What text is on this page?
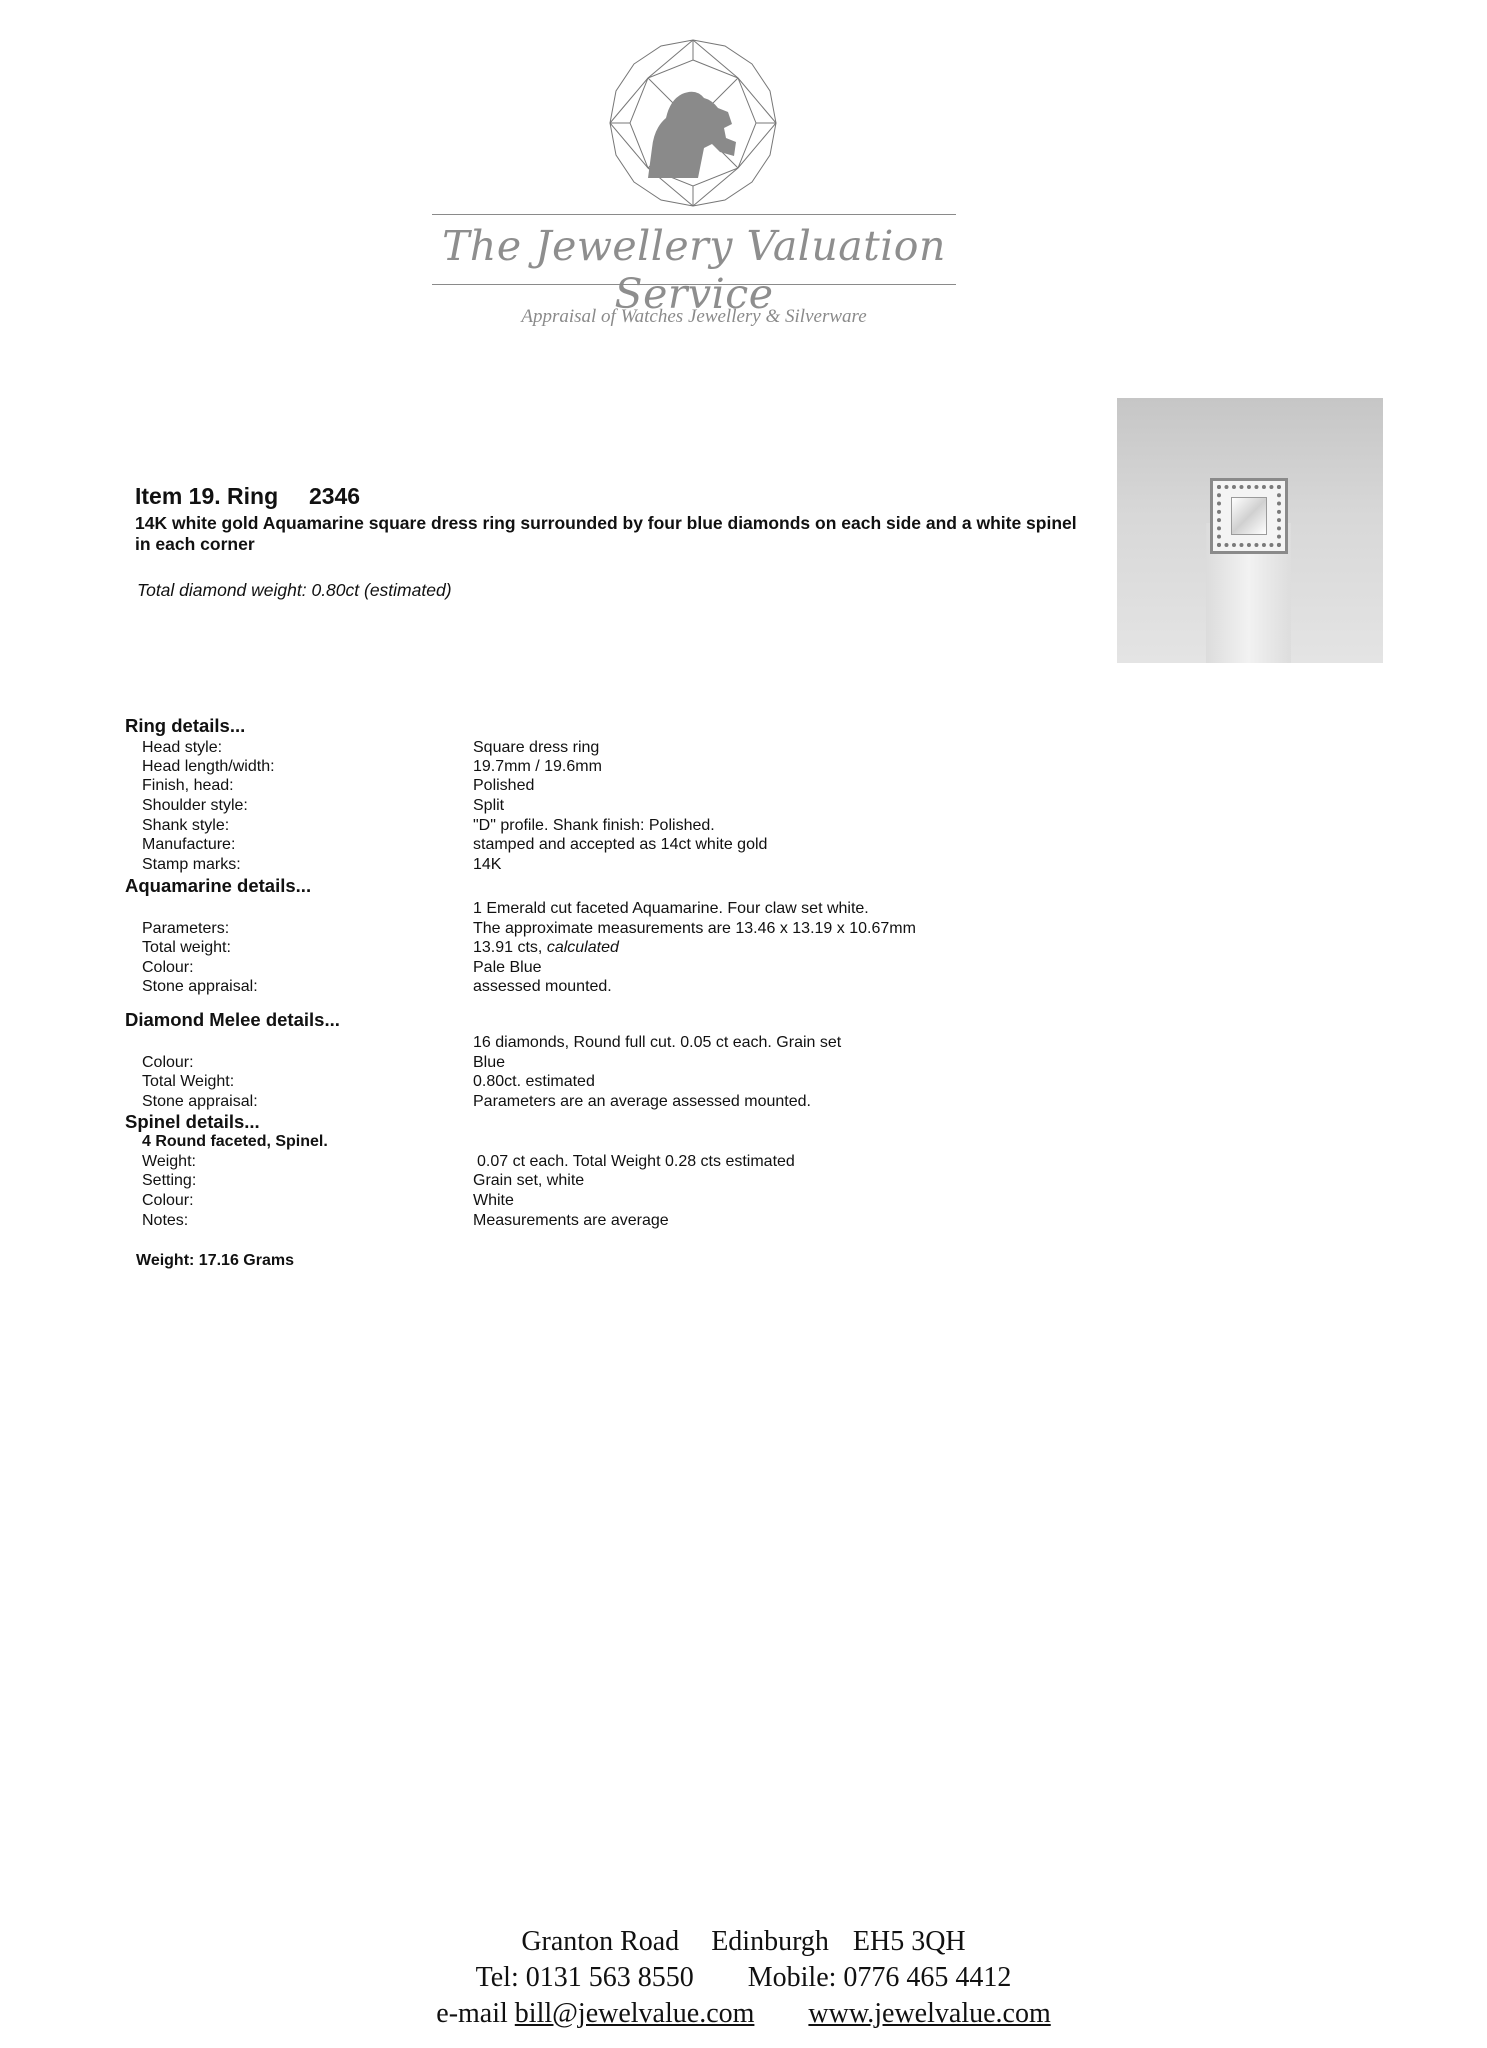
The Jewellery Valuation Service
Appraisal of Watches Jewellery & Silverware
Item 19. Ring 2346
14K white gold Aquamarine square dress ring surrounded by four blue diamonds on each side and a white spinel in each corner
Total diamond weight: 0.80ct (estimated)
Ring details...
Head style:	Square dress ring
Head length/width:	19.7mm / 19.6mm
Finish, head:	Polished
Shoulder style:	Split
Shank style:	"D" profile. Shank finish: Polished.
Manufacture:	stamped and accepted as 14ct white gold
Stamp marks:	14K
Aquamarine details...
1 Emerald cut faceted Aquamarine. Four claw set white.
Parameters:	The approximate measurements are 13.46 x 13.19 x 10.67mm
Total weight:	13.91 cts, calculated
Colour:	Pale Blue
Stone appraisal:	assessed mounted.
Diamond Melee details...
16 diamonds, Round full cut. 0.05 ct each. Grain set
Colour:	Blue
Total Weight:	0.80ct. estimated
Stone appraisal:	Parameters are an average assessed mounted.
Spinel details...
4 Round faceted, Spinel.
Weight:	0.07 ct each. Total Weight 0.28 cts estimated
Setting:	Grain set, white
Colour:	White
Notes:	Measurements are average
Weight: 17.16 Grams
Granton Road Edinburgh EH5 3QH
Tel: 0131 563 8550 Mobile: 0776 465 4412
e-mail bill@jewelvalue.com www.jewelvalue.com
